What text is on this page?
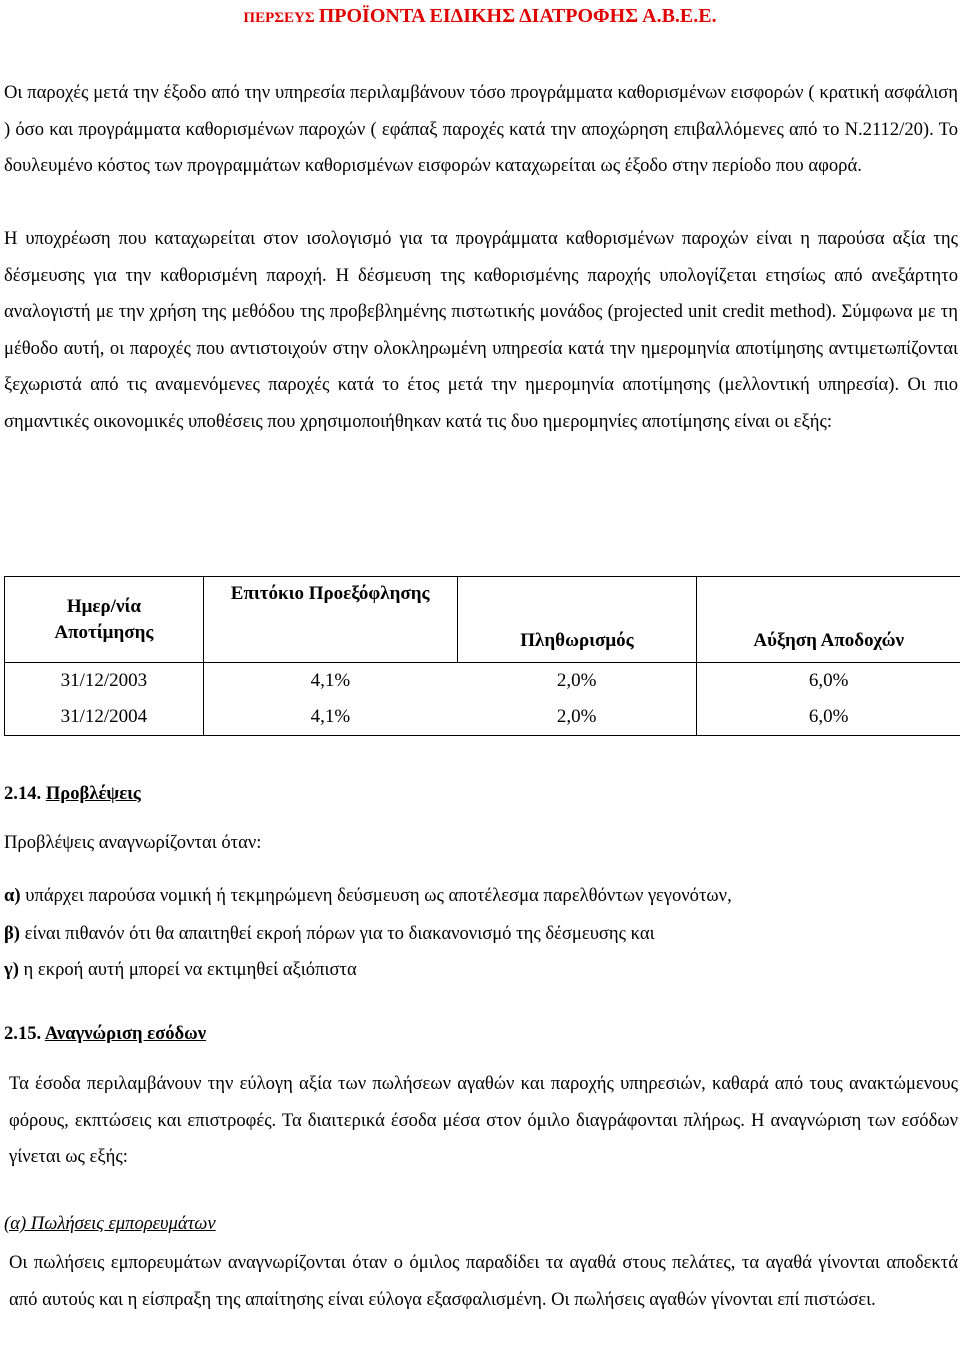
ΠΕΡΣΕΥΣ ΠΡΟΪΟΝΤΑ ΕΙΔΙΚΗΣ ΔΙΑΤΡΟΦΗΣ Α.Β.Ε.Ε.
Οι παροχές μετά την έξοδο από την υπηρεσία περιλαμβάνουν τόσο προγράμματα καθορισμένων εισφορών ( κρατική ασφάλιση ) όσο και προγράμματα καθορισμένων παροχών ( εφάπαξ παροχές κατά την αποχώρηση επιβαλλόμενες από το Ν.2112/20). Το δουλευμένο κόστος των προγραμμάτων καθορισμένων εισφορών καταχωρείται ως έξοδο στην περίοδο που αφορά.
Η υποχρέωση που καταχωρείται στον ισολογισμό για τα προγράμματα καθορισμένων παροχών είναι η παρούσα αξία της δέσμευσης για την καθορισμένη παροχή. Η δέσμευση της καθορισμένης παροχής υπολογίζεται ετησίως από ανεξάρτητο αναλογιστή με την χρήση της μεθόδου της προβεβλημένης πιστωτικής μονάδος (projected unit credit method). Σύμφωνα με τη μέθοδο αυτή, οι παροχές που αντιστοιχούν στην ολοκληρωμένη υπηρεσία κατά την ημερομηνία αποτίμησης αντιμετωπίζονται ξεχωριστά από τις αναμενόμενες παροχές κατά το έτος μετά την ημερομηνία αποτίμησης (μελλοντική υπηρεσία). Οι πιο σημαντικές οικονομικές υποθέσεις που χρησιμοποιήθηκαν κατά τις δυο ημερομηνίες αποτίμησης είναι οι εξής:
Ημερ/νία
Αποτίμησης	Επιτόκιο Προεξόφλησης	Πληθωρισμός	Αύξηση Αποδοχών
31/12/2003	4,1%	2,0%	6,0%
31/12/2004	4,1%	2,0%	6,0%
2.14. Προβλέψεις
Προβλέψεις αναγνωρίζονται όταν:
α) υπάρχει παρούσα νομική ή τεκμηρώμενη δεύσμευση ως αποτέλεσμα παρελθόντων γεγονότων,
β) είναι πιθανόν ότι θα απαιτηθεί εκροή πόρων για το διακανονισμό της δέσμευσης και
γ) η εκροή αυτή μπορεί να εκτιμηθεί αξιόπιστα
2.15. Αναγνώριση εσόδων
Τα έσοδα περιλαμβάνουν την εύλογη αξία των πωλήσεων αγαθών και παροχής υπηρεσιών, καθαρά από τους ανακτώμενους φόρους, εκπτώσεις και επιστροφές. Τα διαιτερικά έσοδα μέσα στον όμιλο διαγράφονται πλήρως. Η αναγνώριση των εσόδων γίνεται ως εξής:
(α) Πωλήσεις εμπορευμάτων
Οι πωλήσεις εμπορευμάτων αναγνωρίζονται όταν ο όμιλος παραδίδει τα αγαθά στους πελάτες, τα αγαθά γίνονται αποδεκτά από αυτούς και η είσπραξη της απαίτησης είναι εύλογα εξασφαλισμένη. Οι πωλήσεις αγαθών γίνονται επί πιστώσει.
